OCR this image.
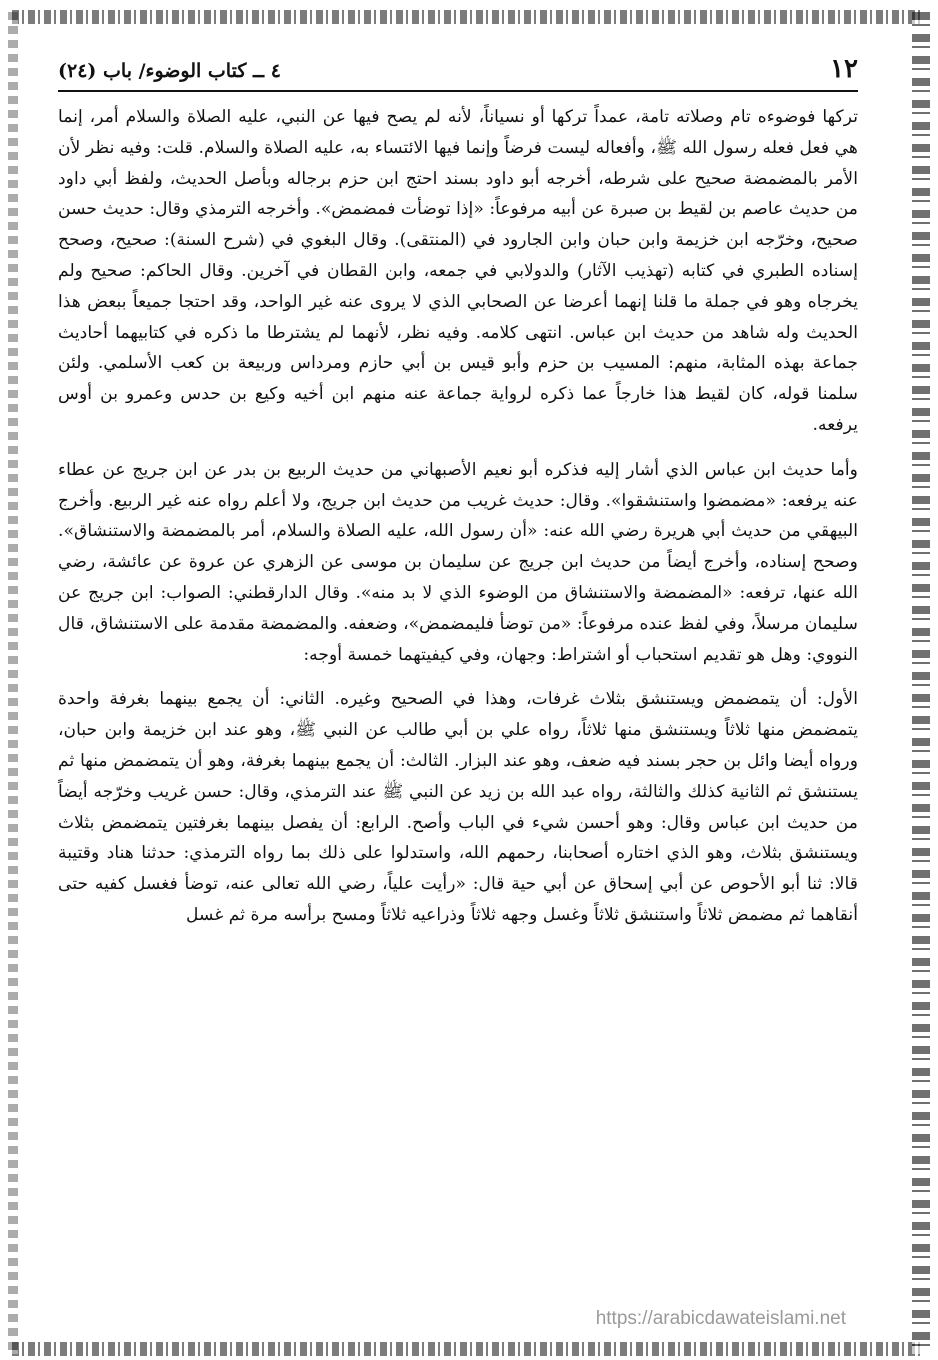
١٢
٤ ــ كتاب الوضوء/ باب (٢٤)

تركها فوضوءه تام وصلاته تامة، عمداً تركها أو نسياناً، لأنه لم يصح فيها عن النبي، عليه الصلاة والسلام أمر، إنما هي فعل فعله رسول الله ﷺ، وأفعاله ليست فرضاً وإنما فيها الائتساء به، عليه الصلاة والسلام. قلت: وفيه نظر لأن الأمر بالمضمضة صحيح على شرطه، أخرجه أبو داود بسند احتج ابن حزم برجاله وبأصل الحديث، ولفظ أبي داود من حديث عاصم بن لقيط بن صبرة عن أبيه مرفوعاً: «إذا توضأت فمضمض». وأخرجه الترمذي وقال: حديث حسن صحيح، وخرّجه ابن خزيمة وابن حبان وابن الجارود في (المنتقى). وقال البغوي في (شرح السنة): صحيح، وصحح إسناده الطبري في كتابه (تهذيب الآثار) والدولابي في جمعه، وابن القطان في آخرين. وقال الحاكم: صحيح ولم يخرجاه وهو في جملة ما قلنا إنهما أعرضا عن الصحابي الذي لا يروى عنه غير الواحد، وقد احتجا جميعاً ببعض هذا الحديث وله شاهد من حديث ابن عباس. انتهى كلامه. وفيه نظر، لأنهما لم يشترطا ما ذكره في كتابيهما أحاديث جماعة بهذه المثابة، منهم: المسيب بن حزم وأبو قيس بن أبي حازم ومرداس وربيعة بن كعب الأسلمي. ولئن سلمنا قوله، كان لقيط هذا خارجاً عما ذكره لرواية جماعة عنه منهم ابن أخيه وكيع بن حدس وعمرو بن أوس يرفعه.

وأما حديث ابن عباس الذي أشار إليه فذكره أبو نعيم الأصبهاني من حديث الربيع بن بدر عن ابن جريج عن عطاء عنه يرفعه: «مضمضوا واستنشقوا». وقال: حديث غريب من حديث ابن جريج، ولا أعلم رواه عنه غير الربيع. وأخرج البيهقي من حديث أبي هريرة رضي الله عنه: «أن رسول الله، عليه الصلاة والسلام، أمر بالمضمضة والاستنشاق». وصحح إسناده، وأخرج أيضاً من حديث ابن جريج عن سليمان بن موسى عن الزهري عن عروة عن عائشة، رضي الله عنها، ترفعه: «المضمضة والاستنشاق من الوضوء الذي لا بد منه». وقال الدارقطني: الصواب: ابن جريج عن سليمان مرسلاً، وفي لفظ عنده مرفوعاً: «من توضأ فليمضمض»، وضعفه. والمضمضة مقدمة على الاستنشاق، قال النووي: وهل هو تقديم استحباب أو اشتراط: وجهان، وفي كيفيتهما خمسة أوجه:

الأول: أن يتمضمض ويستنشق بثلاث غرفات، وهذا في الصحيح وغيره. الثاني: أن يجمع بينهما بغرفة واحدة يتمضمض منها ثلاثاً ويستنشق منها ثلاثاً، رواه علي بن أبي طالب عن النبي ﷺ، وهو عند ابن خزيمة وابن حبان، ورواه أيضا وائل بن حجر بسند فيه ضعف، وهو عند البزار. الثالث: أن يجمع بينهما بغرفة، وهو أن يتمضمض منها ثم يستنشق ثم الثانية كذلك والثالثة، رواه عبد الله بن زيد عن النبي ﷺ عند الترمذي، وقال: حسن غريب وخرّجه أيضاً من حديث ابن عباس وقال: وهو أحسن شيء في الباب وأصح. الرابع: أن يفصل بينهما بغرفتين يتمضمض بثلاث ويستنشق بثلاث، وهو الذي اختاره أصحابنا، رحمهم الله، واستدلوا على ذلك بما رواه الترمذي: حدثنا هناد وقتيبة قالا: ثنا أبو الأحوص عن أبي إسحاق عن أبي حية قال: «رأيت علياً، رضي الله تعالى عنه، توضأ فغسل كفيه حتى أنقاهما ثم مضمض ثلاثاً واستنشق ثلاثاً وغسل وجهه ثلاثاً وذراعيه ثلاثاً ومسح برأسه مرة ثم غسل

https://arabicdawateislami.net
